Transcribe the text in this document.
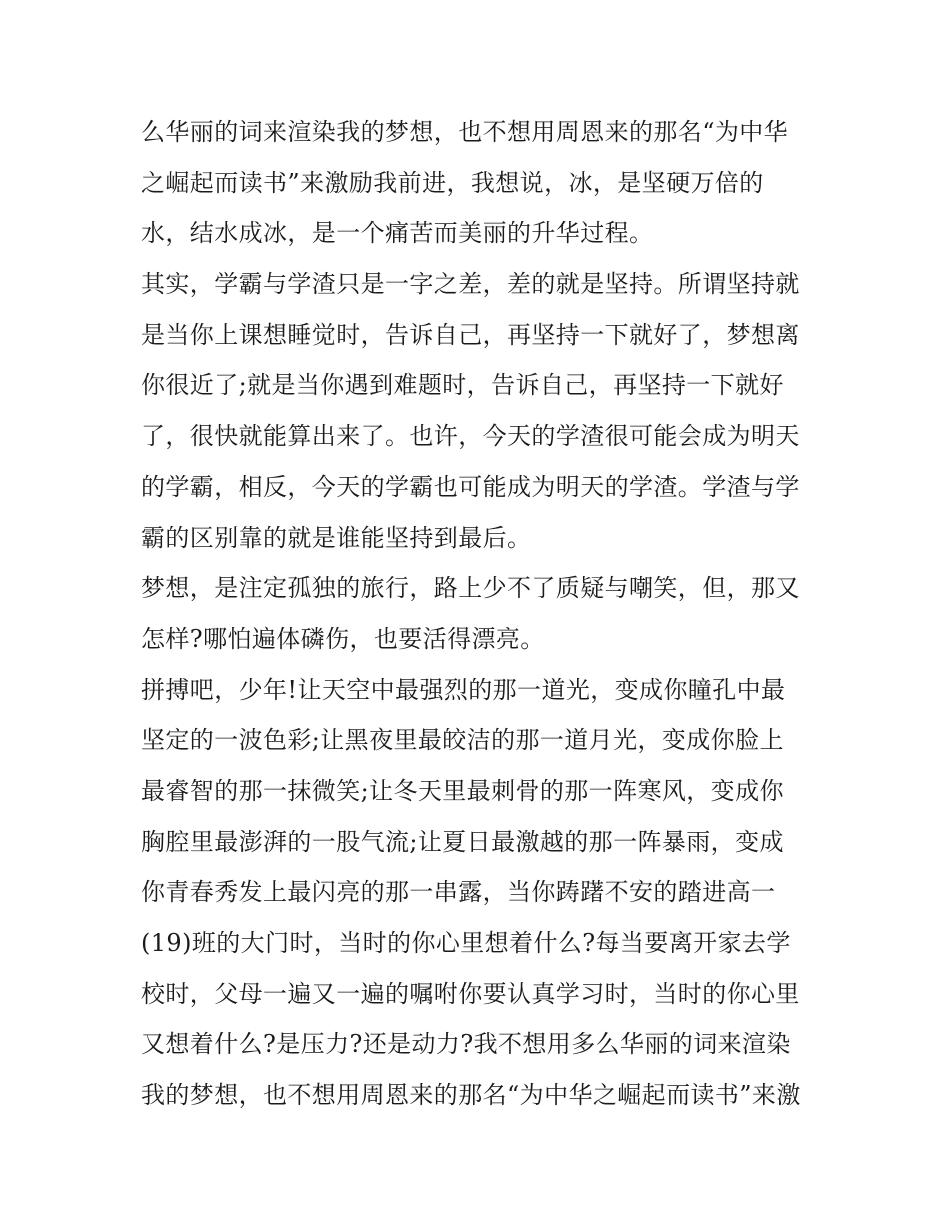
么华丽的词来渲染我的梦想，也不想用周恩来的那名“为中华
之崛起而读书”来激励我前进，我想说，冰，是坚硬万倍的
水，结水成冰，是一个痛苦而美丽的升华过程。
其实，学霸与学渣只是一字之差，差的就是坚持。所谓坚持就
是当你上课想睡觉时，告诉自己，再坚持一下就好了，梦想离
你很近了;就是当你遇到难题时，告诉自己，再坚持一下就好
了，很快就能算出来了。也许，今天的学渣很可能会成为明天
的学霸，相反，今天的学霸也可能成为明天的学渣。学渣与学
霸的区别靠的就是谁能坚持到最后。
梦想，是注定孤独的旅行，路上少不了质疑与嘲笑，但，那又
怎样?哪怕遍体磷伤，也要活得漂亮。
拼搏吧，少年!让天空中最强烈的那一道光，变成你瞳孔中最
坚定的一波色彩;让黑夜里最皎洁的那一道月光，变成你脸上
最睿智的那一抹微笑;让冬天里最刺骨的那一阵寒风，变成你
胸腔里最澎湃的一股气流;让夏日最激越的那一阵暴雨，变成
你青春秀发上最闪亮的那一串露，当你踌躇不安的踏进高一
(19)班的大门时，当时的你心里想着什么?每当要离开家去学
校时，父母一遍又一遍的嘱咐你要认真学习时，当时的你心里
又想着什么?是压力?还是动力?我不想用多么华丽的词来渲染
我的梦想，也不想用周恩来的那名“为中华之崛起而读书”来激
